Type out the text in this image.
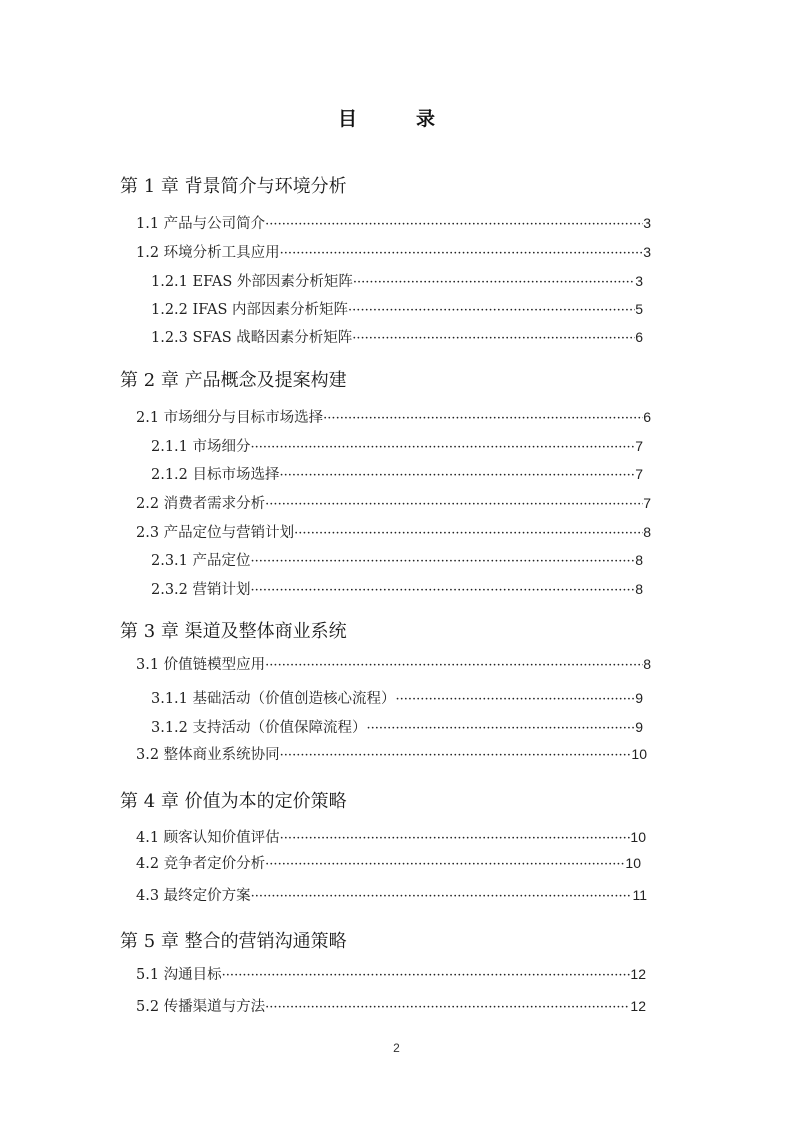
目　录
第 1 章 背景简介与环境分析
1.1 产品与公司简介 ·····	3
1.2 环境分析工具应用 ·····	3
1.2.1 EFAS 外部因素分析矩阵 ·····	3
1.2.2 IFAS 内部因素分析矩阵 ·····	5
1.2.3 SFAS 战略因素分析矩阵 ·····	6
第 2 章 产品概念及提案构建
2.1 市场细分与目标市场选择 ·····	6
2.1.1 市场细分 ·····	7
2.1.2 目标市场选择 ·····	7
2.2 消费者需求分析 ·····	7
2.3 产品定位与营销计划 ·····	8
2.3.1 产品定位 ·····	8
2.3.2 营销计划 ·····	8
第 3 章 渠道及整体商业系统
3.1 价值链模型应用 ·····	8
3.1.1 基础活动（价值创造核心流程） ·····	9
3.1.2 支持活动（价值保障流程） ·····	9
3.2 整体商业系统协同 ·····	10
第 4 章 价值为本的定价策略
4.1 顾客认知价值评估 ·····	10
4.2 竞争者定价分析 ·····	10
4.3 最终定价方案 ·····	11
第 5 章 整合的营销沟通策略
5.1 沟通目标 ·····	12
5.2 传播渠道与方法 ·····	12
2
